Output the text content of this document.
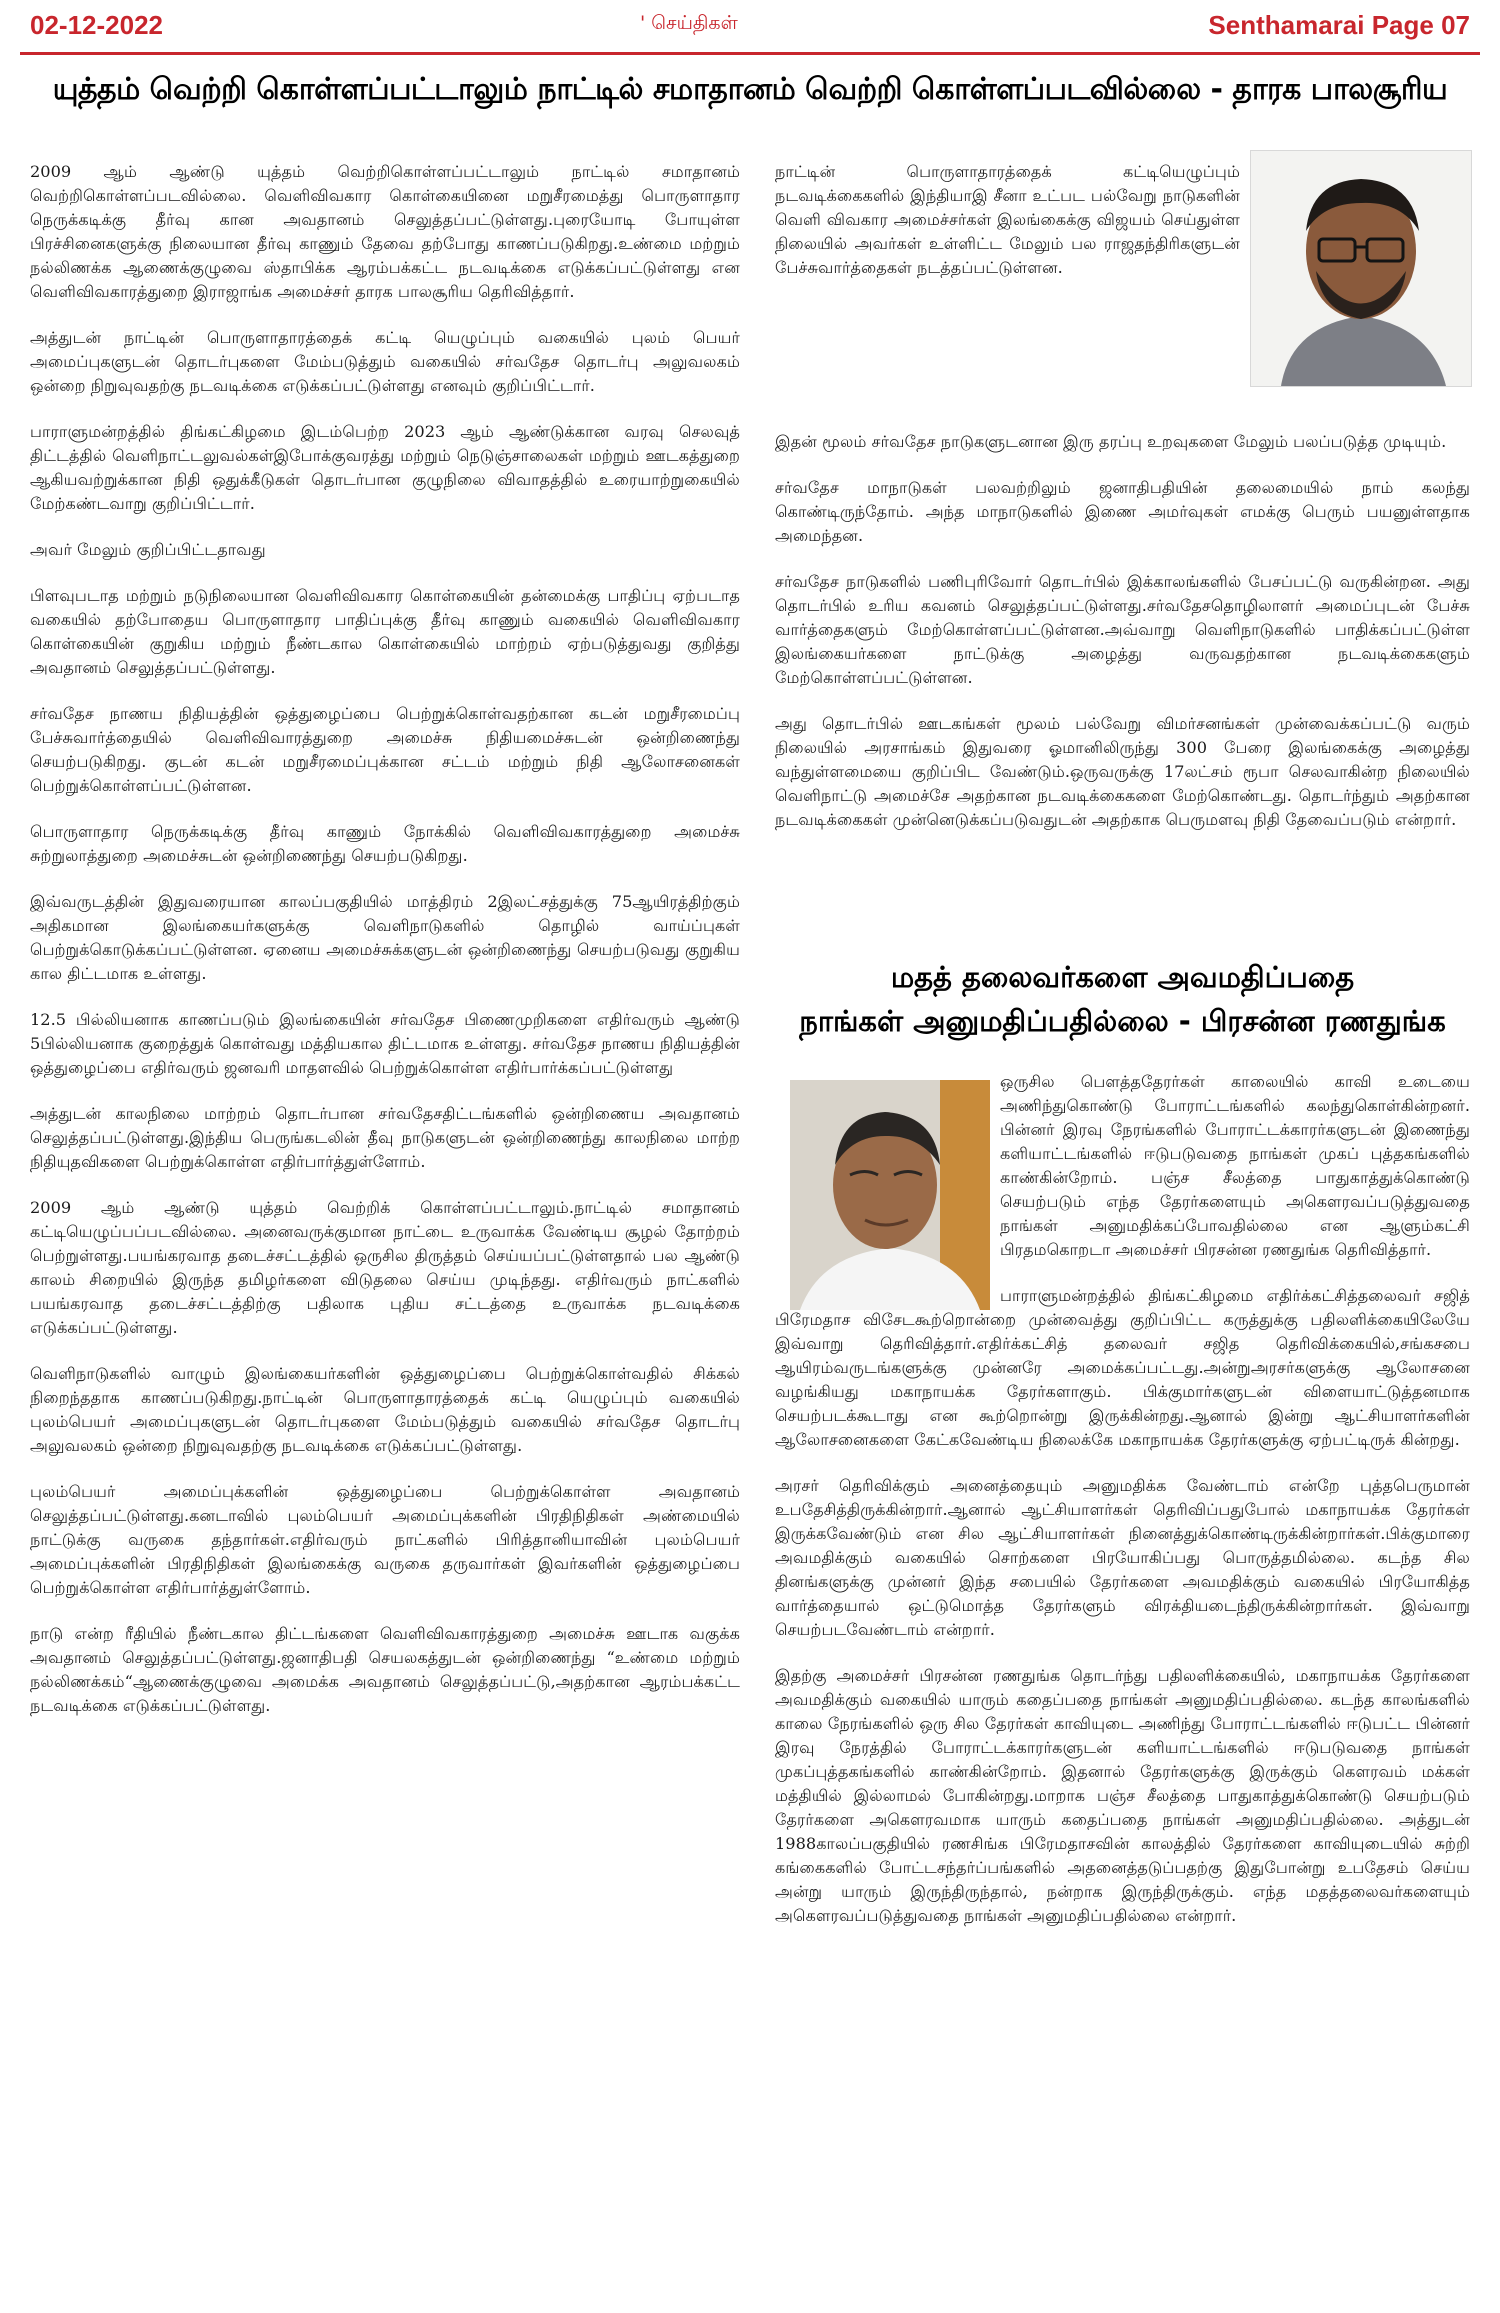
02-12-2022	' செய்திகள்	Senthamarai Page 07
யுத்தம் வெற்றி கொள்ளப்பட்டாலும் நாட்டில் சமாதானம் வெற்றி கொள்ளப்படவில்லை - தாரக பாலசூரிய

2009 ஆம் ஆண்டு யுத்தம் வெற்றிகொள்ளப்பட்டாலும் நாட்டில் சமாதானம் வெற்றிகொள்ளப்படவில்லை. வெளிவிவகார கொள்கையினை மறுசீரமைத்து பொருளாதார நெருக்கடிக்கு தீர்வு கான அவதானம் செலுத்தப்பட்டுள்ளது.புரையோடி போயுள்ள பிரச்சினைகளுக்கு நிலையான தீர்வு காணும் தேவை தற்போது காணப்படுகிறது.உண்மை மற்றும் நல்லிணக்க ஆணைக்குழுவை ஸ்தாபிக்க ஆரம்பக்கட்ட நடவடிக்கை எடுக்கப்பட்டுள்ளது என வெளிவிவகாரத்துறை இராஜாங்க அமைச்சர் தாரக பாலசூரிய தெரிவித்தார்.

அத்துடன் நாட்டின் பொருளாதாரத்தைக் கட்டி யெழுப்பும் வகையில் புலம் பெயர் அமைப்புகளுடன் தொடர்புகளை மேம்படுத்தும் வகையில் சர்வதேச தொடர்பு அலுவலகம் ஒன்றை நிறுவுவதற்கு நடவடிக்கை எடுக்கப்பட்டுள்ளது எனவும் குறிப்பிட்டார்.

பாராளுமன்றத்தில் திங்கட்கிழமை இடம்பெற்ற 2023 ஆம் ஆண்டுக்கான வரவு செலவுத் திட்டத்தில் வெளிநாட்டலுவல்கள்இபோக்குவரத்து மற்றும் நெடுஞ்சாலைகள் மற்றும் ஊடகத்துறை ஆகியவற்றுக்கான நிதி ஒதுக்கீடுகள் தொடர்பான குழுநிலை விவாதத்தில் உரையாற்றுகையில் மேற்கண்டவாறு குறிப்பிட்டார்.

அவர் மேலும் குறிப்பிட்டதாவது

பிளவுபடாத மற்றும் நடுநிலையான வெளிவிவகார கொள்கையின் தன்மைக்கு பாதிப்பு ஏற்படாத வகையில் தற்போதைய பொருளாதார பாதிப்புக்கு தீர்வு காணும் வகையில் வெளிவிவகார கொள்கையின் குறுகிய மற்றும் நீண்டகால கொள்கையில் மாற்றம் ஏற்படுத்துவது குறித்து அவதானம் செலுத்தப்பட்டுள்ளது.

சர்வதேச நாணய நிதியத்தின் ஒத்துழைப்பை பெற்றுக்கொள்வதற்கான கடன் மறுசீரமைப்பு பேச்சுவார்த்தையில் வெளிவிவாரத்துறை அமைச்சு நிதியமைச்சுடன் ஒன்றிணைந்து செயற்படுகிறது. குடன் கடன் மறுசீரமைப்புக்கான சட்டம் மற்றும் நிதி ஆலோசனைகள் பெற்றுக்கொள்ளப்பட்டுள்ளன.

பொருளாதார நெருக்கடிக்கு தீர்வு காணும் நோக்கில் வெளிவிவகாரத்துறை அமைச்சு சுற்றுலாத்துறை அமைச்சுடன் ஒன்றிணைந்து செயற்படுகிறது.

இவ்வருடத்தின் இதுவரையான காலப்பகுதியில் மாத்திரம் 2இலட்சத்துக்கு 75ஆயிரத்திற்கும் அதிகமான இலங்கையர்களுக்கு வெளிநாடுகளில் தொழில் வாய்ப்புகள் பெற்றுக்கொடுக்கப்பட்டுள்ளன. ஏனைய அமைச்சுக்களுடன் ஒன்றிணைந்து செயற்படுவது குறுகிய கால திட்டமாக உள்ளது.

12.5 பில்லியனாக காணப்படும் இலங்கையின் சர்வதேச பிணைமுறிகளை எதிர்வரும் ஆண்டு 5பில்லியனாக குறைத்துக் கொள்வது மத்தியகால திட்டமாக உள்ளது. சர்வதேச நாணய நிதியத்தின் ஒத்துழைப்பை எதிர்வரும் ஜனவரி மாதளவில் பெற்றுக்கொள்ள எதிர்பார்க்கப்பட்டுள்ளது

அத்துடன் காலநிலை மாற்றம் தொடர்பான சர்வதேசதிட்டங்களில் ஒன்றிணைய அவதானம் செலுத்தப்பட்டுள்ளது.இந்திய பெருங்கடலின் தீவு நாடுகளுடன் ஒன்றிணைந்து காலநிலை மாற்ற நிதியுதவிகளை பெற்றுக்கொள்ள எதிர்பார்த்துள்ளோம்.

2009 ஆம் ஆண்டு யுத்தம் வெற்றிக் கொள்ளப்பட்டாலும்.நாட்டில் சமாதானம் கட்டியெழுப்பப்படவில்லை. அனைவருக்குமான நாட்டை உருவாக்க வேண்டிய சூழல் தோற்றம் பெற்றுள்ளது.பயங்கரவாத தடைச்சட்டத்தில் ஒருசில திருத்தம் செய்யப்பட்டுள்ளதால் பல ஆண்டு காலம் சிறையில் இருந்த தமிழர்களை விடுதலை செய்ய முடிந்தது. எதிர்வரும் நாட்களில் பயங்கரவாத தடைச்சட்டத்திற்கு பதிலாக புதிய சட்டத்தை உருவாக்க நடவடிக்கை எடுக்கப்பட்டுள்ளது.

வெளிநாடுகளில் வாழும் இலங்கையர்களின் ஒத்துழைப்பை பெற்றுக்கொள்வதில் சிக்கல் நிறைந்ததாக காணப்படுகிறது.நாட்டின் பொருளாதாரத்தைக் கட்டி யெழுப்பும் வகையில் புலம்பெயர் அமைப்புகளுடன் தொடர்புகளை மேம்படுத்தும் வகையில் சர்வதேச தொடர்பு அலுவலகம் ஒன்றை நிறுவுவதற்கு நடவடிக்கை எடுக்கப்பட்டுள்ளது.

புலம்பெயர் அமைப்புக்களின் ஒத்துழைப்பை பெற்றுக்கொள்ள அவதானம் செலுத்தப்பட்டுள்ளது.கனடாவில் புலம்பெயர் அமைப்புக்களின் பிரதிநிதிகள் அண்மையில் நாட்டுக்கு வருகை தந்தார்கள்.எதிர்வரும் நாட்களில் பிரித்தானியாவின் புலம்பெயர் அமைப்புக்களின் பிரதிநிதிகள் இலங்கைக்கு வருகை தருவார்கள் இவர்களின் ஒத்துழைப்பை பெற்றுக்கொள்ள எதிர்பார்த்துள்ளோம்.

நாடு என்ற ரீதியில் நீண்டகால திட்டங்களை வெளிவிவகாரத்துறை அமைச்சு ஊடாக வகுக்க அவதானம் செலுத்தப்பட்டுள்ளது.ஜனாதிபதி செயலகத்துடன் ஒன்றிணைந்து “உண்மை மற்றும் நல்லிணக்கம்“ஆணைக்குழுவை அமைக்க அவதானம் செலுத்தப்பட்டு,அதற்கான ஆரம்பக்கட்ட நடவடிக்கை எடுக்கப்பட்டுள்ளது.

நாட்டின் பொருளாதாரத்தைக் கட்டியெழுப்பும் நடவடிக்கைகளில் இந்தியாஇ சீனா உட்பட பல்வேறு நாடுகளின் வெளி விவகார அமைச்சர்கள் இலங்கைக்கு விஜயம் செய்துள்ள நிலையில் அவர்கள் உள்ளிட்ட மேலும் பல ராஜதந்திரிகளுடன் பேச்சுவார்த்தைகள் நடத்தப்பட்டுள்ளன.

இதன் மூலம் சர்வதேச நாடுகளுடனான இரு தரப்பு உறவுகளை மேலும் பலப்படுத்த முடியும்.

சர்வதேச மாநாடுகள் பலவற்றிலும் ஜனாதிபதியின் தலைமையில் நாம் கலந்து கொண்டிருந்தோம். அந்த மாநாடுகளில் இணை அமர்வுகள் எமக்கு பெரும் பயனுள்ளதாக அமைந்தன.

சர்வதேச நாடுகளில் பணிபுரிவோர் தொடர்பில் இக்காலங்களில் பேசப்பட்டு வருகின்றன. அது தொடர்பில் உரிய கவனம் செலுத்தப்பட்டுள்ளது.சர்வதேசதொழிலாளர் அமைப்புடன் பேச்சு வார்த்தைகளும் மேற்கொள்ளப்பட்டுள்ளன.அவ்வாறு வெளிநாடுகளில் பாதிக்கப்பட்டுள்ள இலங்கையர்களை நாட்டுக்கு அழைத்து வருவதற்கான நடவடிக்கைகளும் மேற்கொள்ளப்பட்டுள்ளன.

அது தொடர்பில் ஊடகங்கள் மூலம் பல்வேறு விமர்சனங்கள் முன்வைக்கப்பட்டு வரும் நிலையில் அரசாங்கம் இதுவரை ஓமானிலிருந்து 300 பேரை இலங்கைக்கு அழைத்து வந்துள்ளமையை குறிப்பிட வேண்டும்.ஒருவருக்கு 17லட்சம் ரூபா செலவாகின்ற நிலையில் வெளிநாட்டு அமைச்சே அதற்கான நடவடிக்கைகளை மேற்கொண்டது. தொடர்ந்தும் அதற்கான நடவடிக்கைகள் முன்னெடுக்கப்படுவதுடன் அதற்காக பெருமளவு நிதி தேவைப்படும் என்றார்.

மதத் தலைவர்களை அவமதிப்பதை
நாங்கள் அனுமதிப்பதில்லை - பிரசன்ன ரணதுங்க

ஒருசில பௌத்ததேரர்கள் காலையில் காவி உடையை அணிந்துகொண்டு போராட்டங்களில் கலந்துகொள்கின்றனர். பின்னர் இரவு நேரங்களில் போராட்டக்காரர்களுடன் இணைந்து களியாட்டங்களில் ஈடுபடுவதை நாங்கள் முகப் புத்தகங்களில் காண்கின்றோம். பஞ்ச சீலத்தை பாதுகாத்துக்கொண்டு செயற்படும் எந்த தேரர்களையும் அகௌரவப்படுத்துவதை நாங்கள் அனுமதிக்கப்போவதில்லை என ஆளும்கட்சி பிரதமகொறடா அமைச்சர் பிரசன்ன ரணதுங்க தெரிவித்தார்.

பாராளுமன்றத்தில் திங்கட்கிழமை எதிர்க்கட்சித்தலைவர் சஜித் பிரேமதாச விசேடகூற்றொன்றை முன்வைத்து குறிப்பிட்ட கருத்துக்கு பதிலளிக்கையிலேயே இவ்வாறு தெரிவித்தார்.எதிர்க்கட்சித் தலைவர் சஜித தெரிவிக்கையில்,சங்கசபை ஆயிரம்வருடங்களுக்கு முன்னரே அமைக்கப்பட்டது.அன்றுஅரசர்களுக்கு ஆலோசனை வழங்கியது மகாநாயக்க தேரர்களாகும். பிக்குமார்களுடன் விளையாட்டுத்தனமாக செயற்படக்கூடாது என கூற்றொன்று இருக்கின்றது.ஆனால் இன்று ஆட்சியாளர்களின் ஆலோசனைகளை கேட்கவேண்டிய நிலைக்கே மகாநாயக்க தேரர்களுக்கு ஏற்பட்டிருக் கின்றது.

அரசர் தெரிவிக்கும் அனைத்தையும் அனுமதிக்க வேண்டாம் என்றே புத்தபெருமான் உபதேசித்திருக்கின்றார்.ஆனால் ஆட்சியாளர்கள் தெரிவிப்பதுபோல் மகாநாயக்க தேரர்கள் இருக்கவேண்டும் என சில ஆட்சியாளர்கள் நினைத்துக்கொண்டிருக்கின்றார்கள்.பிக்குமாரை அவமதிக்கும் வகையில் சொற்களை பிரயோகிப்பது பொருத்தமில்லை. கடந்த சில தினங்களுக்கு முன்னர் இந்த சபையில் தேரர்களை அவமதிக்கும் வகையில் பிரயோகித்த வார்த்தையால் ஒட்டுமொத்த தேரர்களும் விரக்தியடைந்திருக்கின்றார்கள். இவ்வாறு செயற்படவேண்டாம் என்றார்.

இதற்கு அமைச்சர் பிரசன்ன ரணதுங்க தொடர்ந்து பதிலளிக்கையில், மகாநாயக்க தேரர்களை அவமதிக்கும் வகையில் யாரும் கதைப்பதை நாங்கள் அனுமதிப்பதில்லை. கடந்த காலங்களில் காலை நேரங்களில் ஒரு சில தேரர்கள் காவியுடை அணிந்து போராட்டங்களில் ஈடுபட்ட பின்னர் இரவு நேரத்தில் போராட்டக்காரர்களுடன் களியாட்டங்களில் ஈடுபடுவதை நாங்கள் முகப்புத்தகங்களில் காண்கின்றோம். இதனால் தேரர்களுக்கு இருக்கும் கௌரவம் மக்கள் மத்தியில் இல்லாமல் போகின்றது.மாறாக பஞ்ச சீலத்தை பாதுகாத்துக்கொண்டு செயற்படும் தேரர்களை அகௌரவமாக யாரும் கதைப்பதை நாங்கள் அனுமதிப்பதில்லை. அத்துடன் 1988காலப்பகுதியில் ரணசிங்க பிரேமதாசவின் காலத்தில் தேரர்களை காவியுடையில் சுற்றி கங்கைகளில் போட்டசந்தர்ப்பங்களில் அதனைத்தடுப்பதற்கு இதுபோன்று உபதேசம் செய்ய அன்று யாரும் இருந்திருந்தால், நன்றாக இருந்திருக்கும். எந்த மதத்தலைவர்களையும் அகௌரவப்படுத்துவதை நாங்கள் அனுமதிப்பதில்லை என்றார்.
